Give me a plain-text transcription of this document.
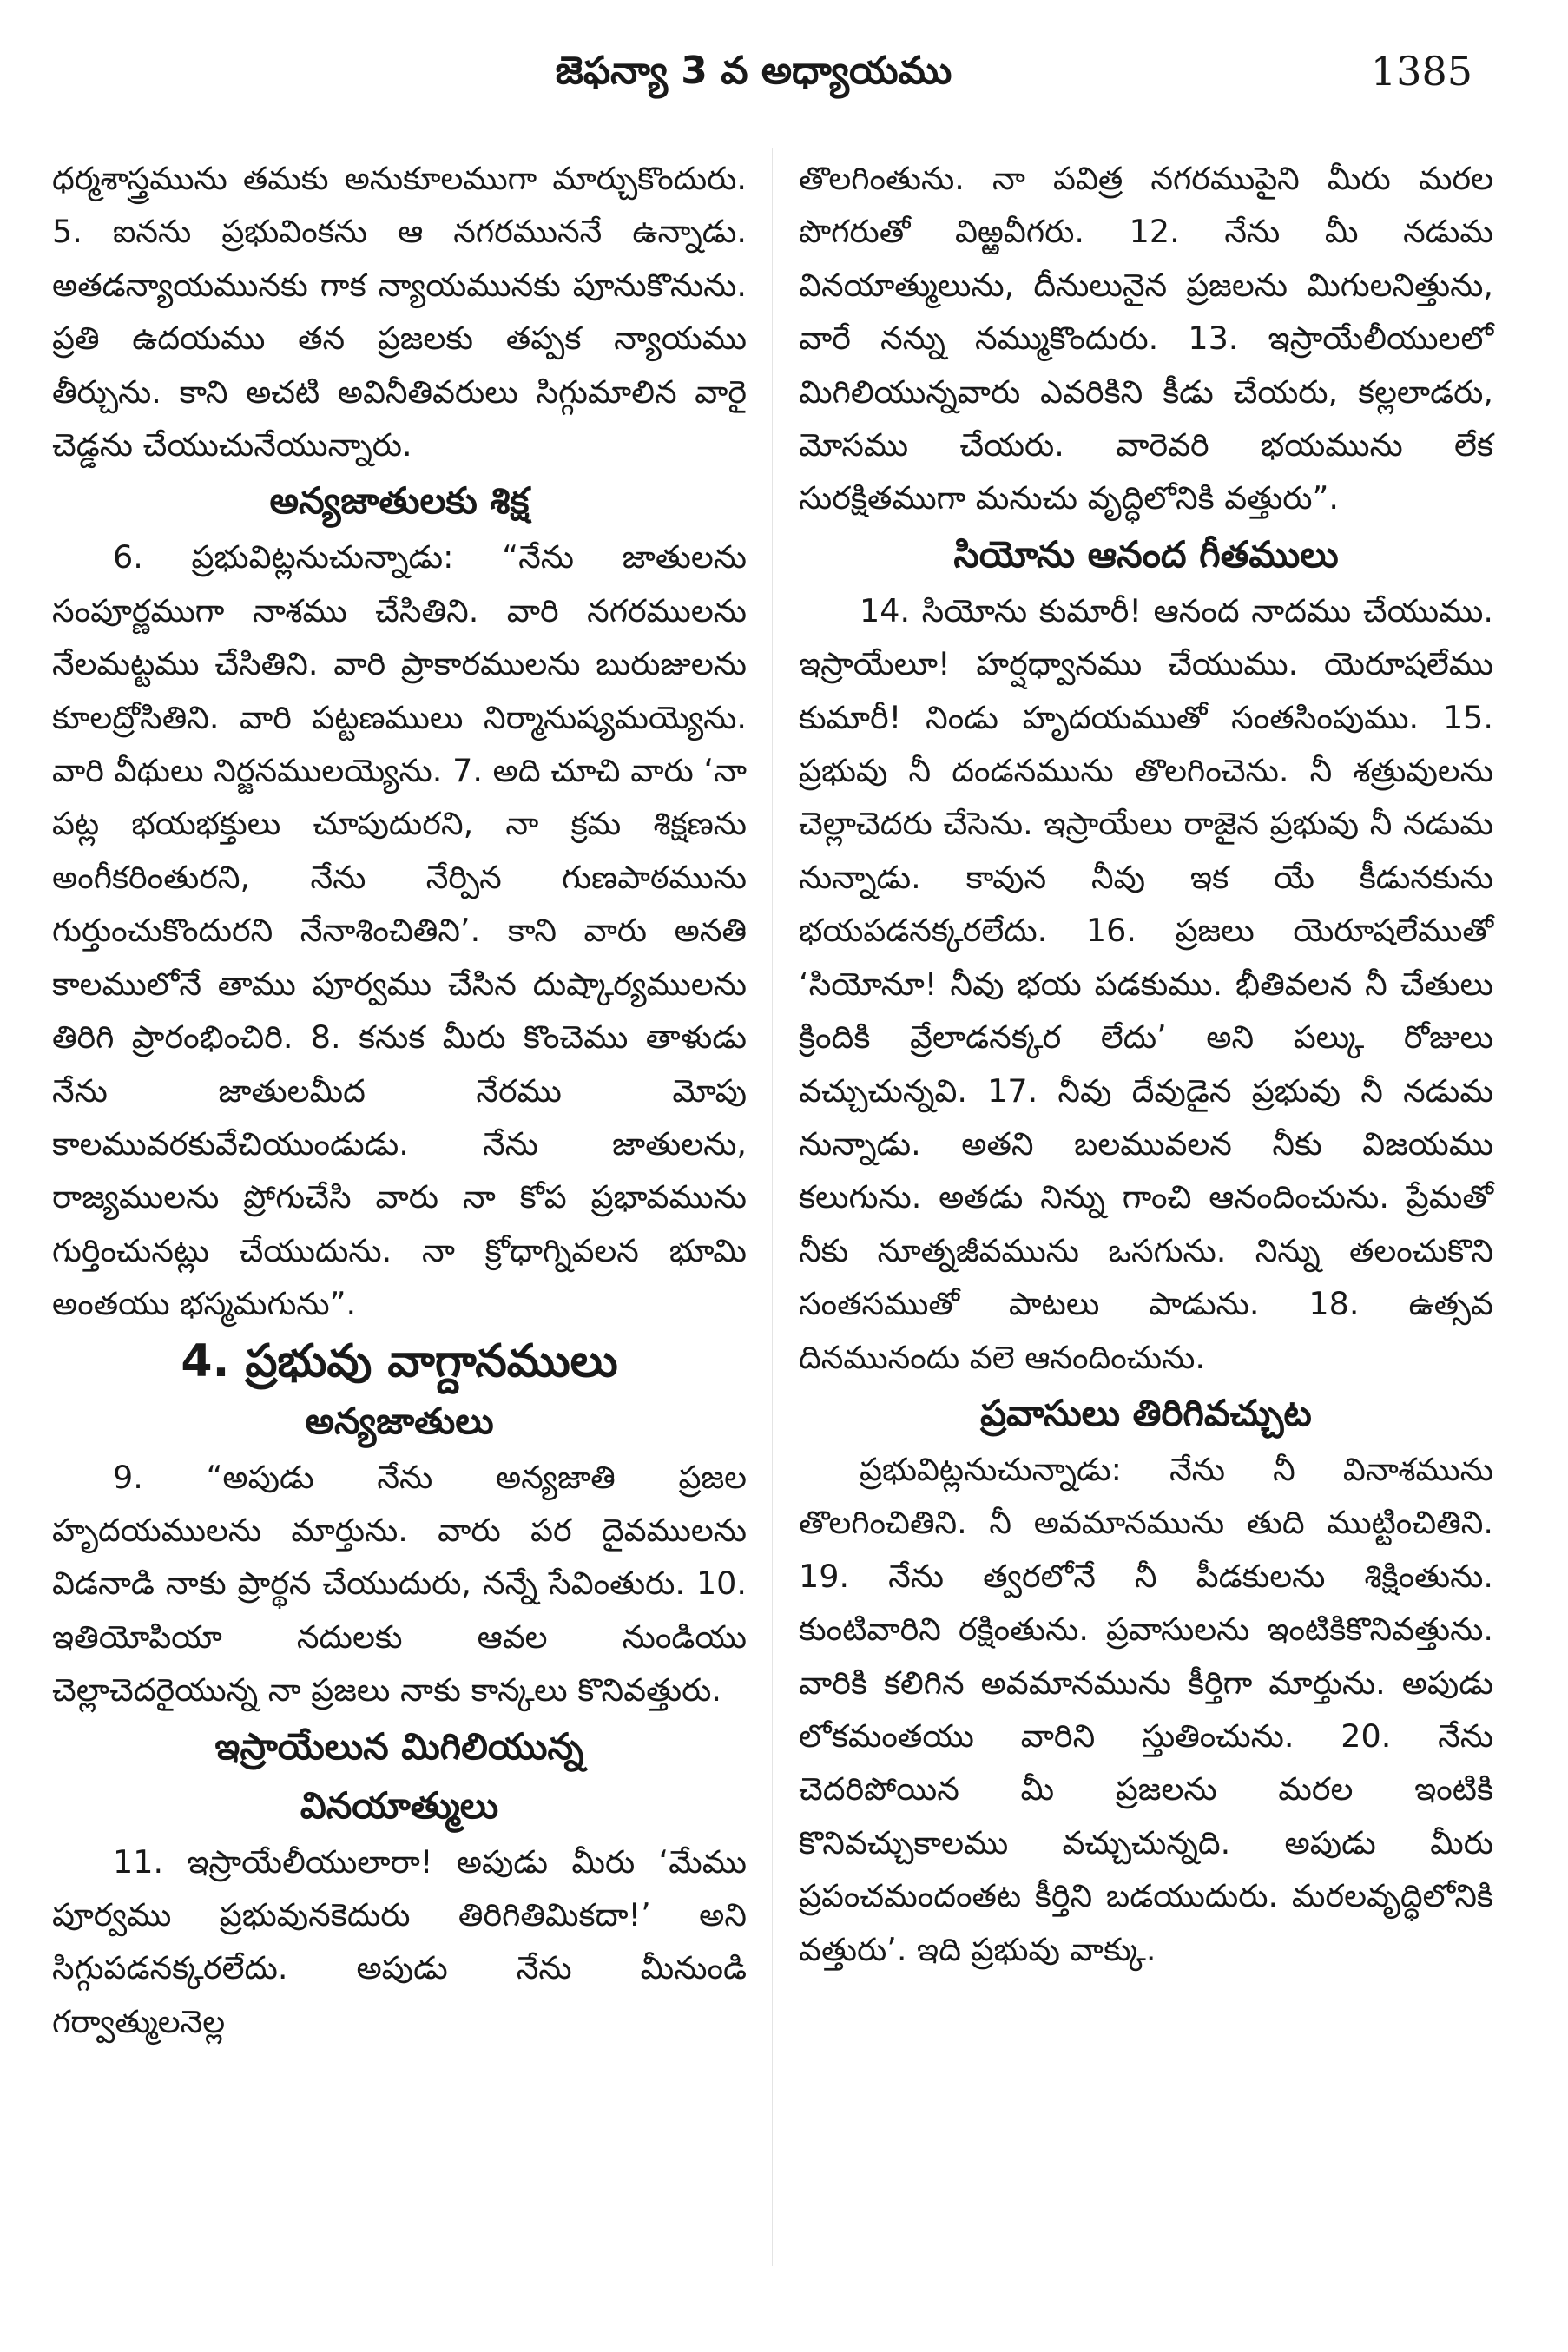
జెఫన్యా 3 వ అధ్యాయము	1385

ధర్మశాస్త్రమును తమకు అనుకూలముగా మార్చుకొందురు. 5. ఐనను ప్రభువింకను ఆ నగరముననే ఉన్నాడు. అతడన్యాయమునకు గాక న్యాయమునకు పూనుకొనును. ప్రతి ఉదయము తన ప్రజలకు తప్పక న్యాయము తీర్చును. కాని అచటి అవినీతివరులు సిగ్గుమాలిన వారై చెడ్డను చేయుచునేయున్నారు.

అన్యజాతులకు శిక్ష

6. ప్రభువిట్లనుచున్నాడు: “నేను జాతులను సంపూర్ణముగా నాశము చేసితిని. వారి నగరములను నేలమట్టము చేసితిని. వారి ప్రాకారములను బురుజులను కూలద్రోసితిని. వారి పట్టణములు నిర్మానుష్యమయ్యెను. వారి వీథులు నిర్జనములయ్యెను. 7. అది చూచి వారు ‘నా పట్ల భయభక్తులు చూపుదురని, నా క్రమ శిక్షణను అంగీకరింతురని, నేను నేర్పిన గుణపాఠమును గుర్తుంచుకొందురని నేనాశించితిని’. కాని వారు అనతి కాలములోనే తాము పూర్వము చేసిన దుష్కార్యములను తిరిగి ప్రారంభించిరి. 8. కనుక మీరు కొంచెము తాళుడు నేను జాతులమీద నేరము మోపు కాలమువరకువేచియుండుడు. నేను జాతులను, రాజ్యములను ప్రోగుచేసి వారు నా కోప ప్రభావమును గుర్తించునట్లు చేయుదును. నా క్రోధాగ్నివలన భూమి అంతయు భస్మమగును”.

4. ప్రభువు వాగ్దానములు
అన్యజాతులు

9. “అపుడు నేను అన్యజాతి ప్రజల హృదయములను మార్తును. వారు పర దైవములను విడనాడి నాకు ప్రార్థన చేయుదురు, నన్నే సేవింతురు. 10. ఇతియోపియా నదులకు ఆవల నుండియు చెల్లాచెదరైయున్న నా ప్రజలు నాకు కాన్కలు కొనివత్తురు.

ఇస్రాయేలున మిగిలియున్న
వినయాత్ములు

11. ఇస్రాయేలీయులారా! అపుడు మీరు ‘మేము పూర్వము ప్రభువునకెదురు తిరిగితిమికదా!’ అని సిగ్గుపడనక్కరలేదు. అపుడు నేను మీనుండి గర్వాత్ములనెల్ల

తొలగింతును. నా పవిత్ర నగరముపైని మీరు మరల పొగరుతో విఱ్ఱవీగరు. 12. నేను మీ నడుమ వినయాత్ములును, దీనులునైన ప్రజలను మిగులనిత్తును, వారే నన్ను నమ్ముకొందురు. 13. ఇస్రాయేలీయులలో మిగిలియున్నవారు ఎవరికిని కీడు చేయరు, కల్లలాడరు, మోసము చేయరు. వారెవరి భయమును లేక సురక్షితముగా మనుచు వృద్ధిలోనికి వత్తురు”.

సియోను ఆనంద గీతములు

14. సియోను కుమారీ! ఆనంద నాదము చేయుము. ఇస్రాయేలూ! హర్షధ్వానము చేయుము. యెరూషలేము కుమారీ! నిండు హృదయముతో సంతసింపుము. 15. ప్రభువు నీ దండనమును తొలగించెను. నీ శత్రువులను చెల్లాచెదరు చేసెను. ఇస్రాయేలు రాజైన ప్రభువు నీ నడుమ నున్నాడు. కావున నీవు ఇక యే కీడునకును భయపడనక్కరలేదు. 16. ప్రజలు యెరూషలేముతో ‘సియోనూ! నీవు భయ పడకుము. భీతివలన నీ చేతులు క్రిందికి వ్రేలాడనక్కర లేదు’ అని పల్కు రోజులు వచ్చుచున్నవి. 17. నీవు దేవుడైన ప్రభువు నీ నడుమ నున్నాడు. అతని బలమువలన నీకు విజయము కలుగును. అతడు నిన్ను గాంచి ఆనందించును. ప్రేమతో నీకు నూత్నజీవమును ఒసగును. నిన్ను తలంచుకొని సంతసముతో పాటలు పాడును. 18. ఉత్సవ దినమునందు వలె ఆనందించును.

ప్రవాసులు తిరిగివచ్చుట

ప్రభువిట్లనుచున్నాడు: నేను నీ వినాశమును తొలగించితిని. నీ అవమానమును తుది ముట్టించితిని. 19. నేను త్వరలోనే నీ పీడకులను శిక్షింతును. కుంటివారిని రక్షింతును. ప్రవాసులను ఇంటికికొనివత్తును. వారికి కలిగిన అవమానమును కీర్తిగా మార్తును. అపుడు లోకమంతయు వారిని స్తుతించును. 20. నేను చెదరిపోయిన మీ ప్రజలను మరల ఇంటికి కొనివచ్చుకాలము వచ్చుచున్నది. అపుడు మీరు ప్రపంచమందంతట కీర్తిని బడయుదురు. మరలవృద్ధిలోనికి వత్తురు’. ఇది ప్రభువు వాక్కు.
